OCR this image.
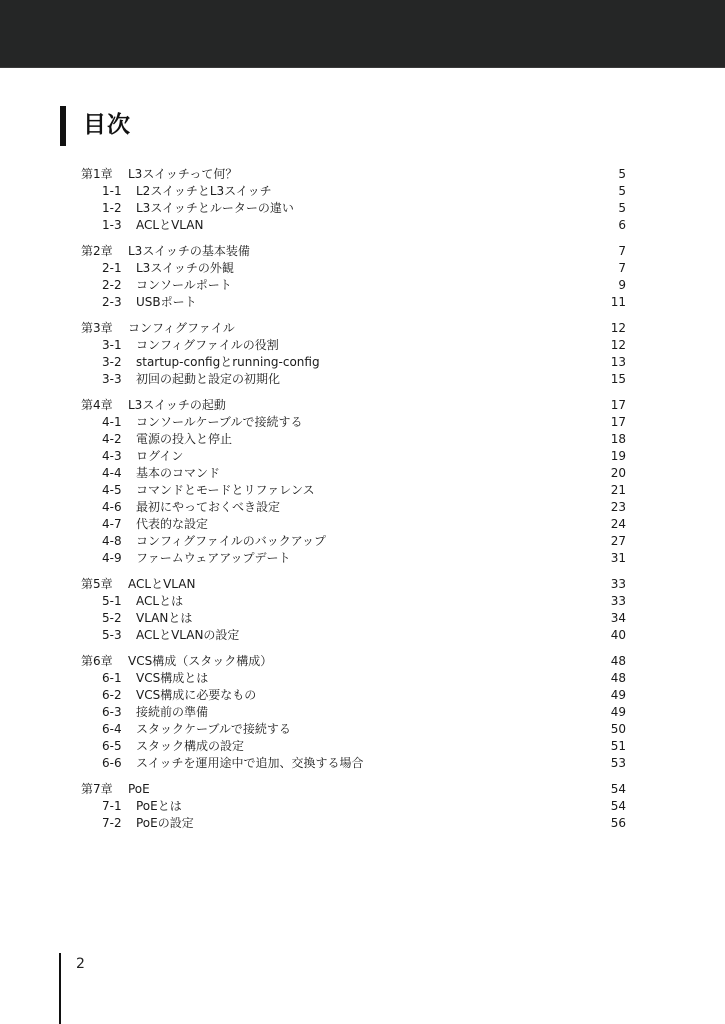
目次
第1章 L3スイッチって何？	5
1-1 L2スイッチとL3スイッチ	5
1-2 L3スイッチとルーターの違い	5
1-3 ACLとVLAN	6
第2章 L3スイッチの基本装備	7
2-1 L3スイッチの外観	7
2-2 コンソールポート	9
2-3 USBポート	11
第3章 コンフィグファイル	12
3-1 コンフィグファイルの役割	12
3-2 startup-configとrunning-config	13
3-3 初回の起動と設定の初期化	15
第4章 L3スイッチの起動	17
4-1 コンソールケーブルで接続する	17
4-2 電源の投入と停止	18
4-3 ログイン	19
4-4 基本のコマンド	20
4-5 コマンドとモードとリファレンス	21
4-6 最初にやっておくべき設定	23
4-7 代表的な設定	24
4-8 コンフィグファイルのバックアップ	27
4-9 ファームウェアアップデート	31
第5章 ACLとVLAN	33
5-1 ACLとは	33
5-2 VLANとは	34
5-3 ACLとVLANの設定	40
第6章 VCS構成（スタック構成）	48
6-1 VCS構成とは	48
6-2 VCS構成に必要なもの	49
6-3 接続前の準備	49
6-4 スタックケーブルで接続する	50
6-5 スタック構成の設定	51
6-6 スイッチを運用途中で追加、交換する場合	53
第7章 PoE	54
7-1 PoEとは	54
7-2 PoEの設定	56
2
